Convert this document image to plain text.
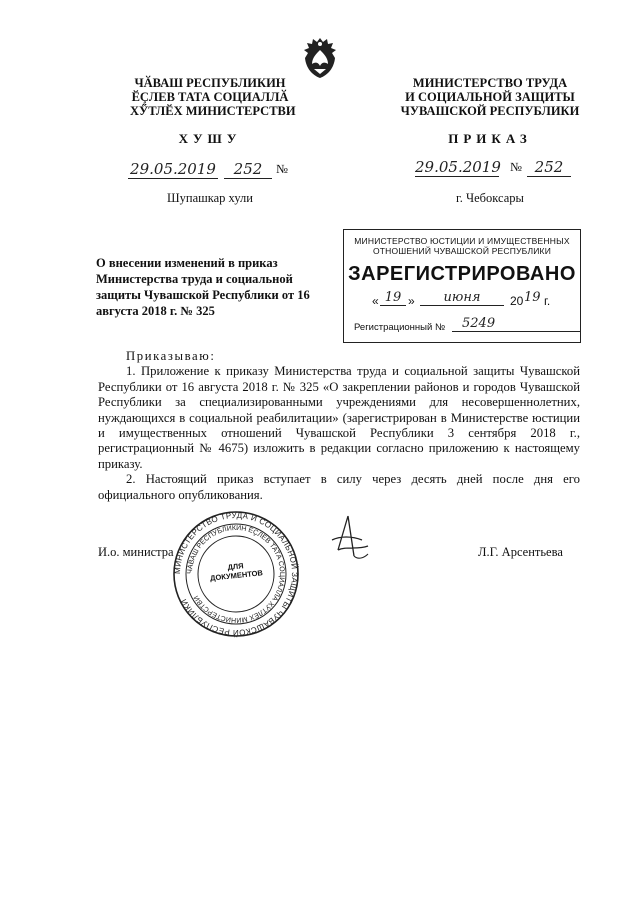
ЧӐВАШ РЕСПУБЛИКИН
ӖҪЛЕВ ТАТА СОЦИАЛЛӐ
ХӲТЛӖХ МИНИСТЕРСТВИ
МИНИСТЕРСТВО ТРУДА
И СОЦИАЛЬНОЙ ЗАЩИТЫ
ЧУВАШСКОЙ РЕСПУБЛИКИ
ХУШУ	ПРИКАЗ
29.05.2019	252	№	29.05.2019 № 252
Шупашкар хули	г. Чебоксары
МИНИСТЕРСТВО ЮСТИЦИИ И ИМУЩЕСТВЕННЫХ
ОТНОШЕНИЙ ЧУВАШСКОЙ РЕСПУБЛИКИ
ЗАРЕГИСТРИРОВАНО
« 19 »	июня	20 19 г.
Регистрационный №	5249
О внесении изменений в приказ Министерства труда и социальной защиты Чувашской Республики от 16 августа 2018 г. № 325

Приказываю:

1. Приложение к приказу Министерства труда и социальной защиты Чувашской Республики от 16 августа 2018 г. № 325 «О закреплении районов и городов Чувашской Республики за специализированными учреждениями для несовершеннолетних, нуждающихся в социальной реабилитации» (зарегистрирован в Министерстве юстиции и имущественных отношений Чувашской Республики 3 сентября 2018 г., регистрационный № 4675) изложить в редакции согласно приложению к настоящему приказу.

2. Настоящий приказ вступает в силу через десять дней после дня его официального опубликования.

МИНИСТЕРСТВО ТРУДА И СОЦИАЛЬНОЙ ЗАЩИТЫ ЧУВАШСКОЙ РЕСПУБЛИКИ
ЧӐВАШ РЕСПУБЛИКИН ӖҪЛЕВ ТАТА СОЦИАЛЛӐ ХӲТЛӖХ МИНИСТЕРСТВИ
ДЛЯ ДОКУМЕНТОВ
И.о. министра	Л.Г. Арсентьева
